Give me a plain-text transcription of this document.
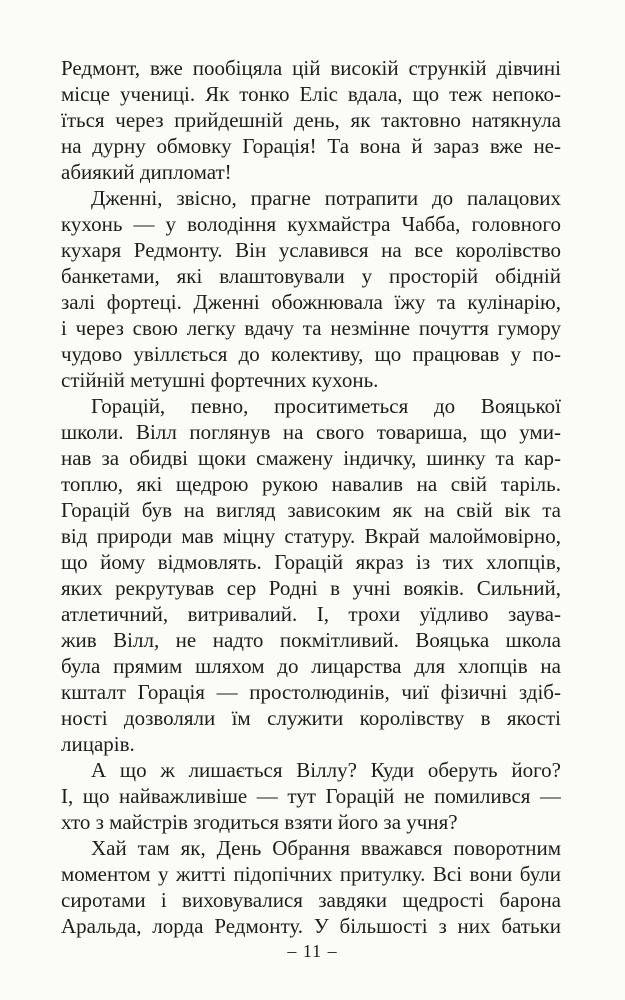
Редмонт, вже пообіцяла цій високій стрункій дівчині
місце учениці. Як тонко Еліс вдала, що теж непоко-
їться через прийдешній день, як тактовно натякнула
на дурну обмовку Горація! Та вона й зараз вже не-
абиякий дипломат!
Дженні, звісно, прагне потрапити до палацових
кухонь — у володіння кухмайстра Чабба, головного
кухаря Редмонту. Він уславився на все королівство
банкетами, які влаштовували у просторій обідній
залі фортеці. Дженні обожнювала їжу та кулінарію,
і через свою легку вдачу та незмінне почуття гумору
чудово увіллється до колективу, що працював у по-
стійній метушні фортечних кухонь.
Горацій, певно, проситиметься до Вояцької
школи. Вілл поглянув на свого товариша, що уми-
нав за обидві щоки смажену індичку, шинку та кар-
топлю, які щедрою рукою навалив на свій таріль.
Горацій був на вигляд зависоким як на свій вік та
від природи мав міцну статуру. Вкрай малоймовірно,
що йому відмовлять. Горацій якраз із тих хлопців,
яких рекрутував сер Родні в учні вояків. Сильний,
атлетичний, витривалий. І, трохи уїдливо заува-
жив Вілл, не надто покмітливий. Вояцька школа
була прямим шляхом до лицарства для хлопців на
кшталт Горація — простолюдинів, чиї фізичні здіб-
ності дозволяли їм служити королівству в якості
лицарів.
А що ж лишається Віллу? Куди оберуть його?
І, що найважливіше — тут Горацій не помилився —
хто з майстрів згодиться взяти його за учня?
Хай там як, День Обрання вважався поворотним
моментом у житті підопічних притулку. Всі вони були
сиротами і виховувалися завдяки щедрості барона
Аральда, лорда Редмонту. У більшості з них батьки
– 11 –
